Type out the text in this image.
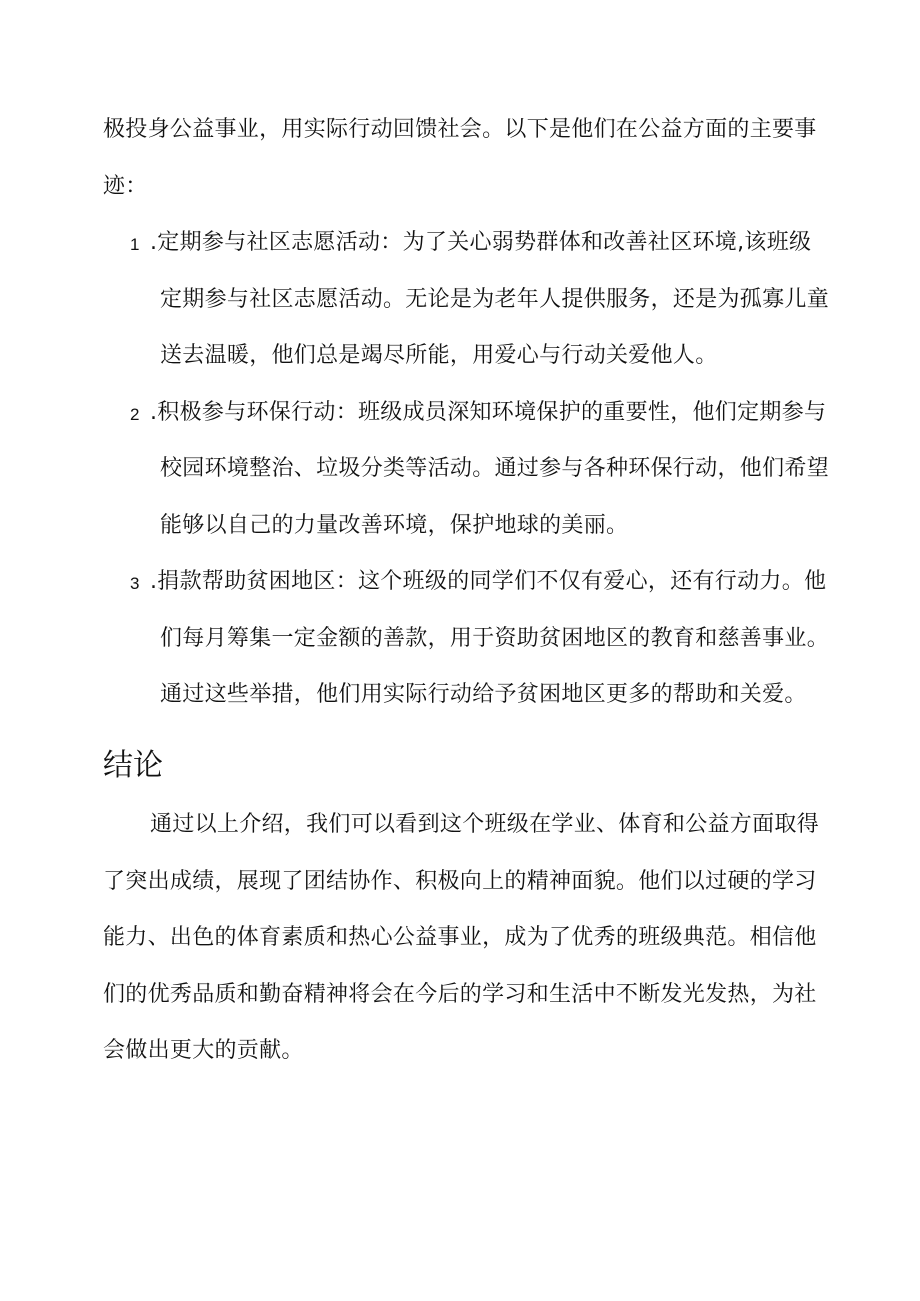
极投身公益事业，用实际行动回馈社会。以下是他们在公益方面的主要事
迹：
1 .定期参与社区志愿活动：为了关心弱势群体和改善社区环境,该班级
定期参与社区志愿活动。无论是为老年人提供服务，还是为孤寡儿童
送去温暖，他们总是竭尽所能，用爱心与行动关爱他人。
2 .积极参与环保行动：班级成员深知环境保护的重要性，他们定期参与
校园环境整治、垃圾分类等活动。通过参与各种环保行动，他们希望
能够以自己的力量改善环境，保护地球的美丽。
3 .捐款帮助贫困地区：这个班级的同学们不仅有爱心，还有行动力。他
们每月筹集一定金额的善款，用于资助贫困地区的教育和慈善事业。
通过这些举措，他们用实际行动给予贫困地区更多的帮助和关爱。
结论
通过以上介绍，我们可以看到这个班级在学业、体育和公益方面取得
了突出成绩，展现了团结协作、积极向上的精神面貌。他们以过硬的学习
能力、出色的体育素质和热心公益事业，成为了优秀的班级典范。相信他
们的优秀品质和勤奋精神将会在今后的学习和生活中不断发光发热，为社
会做出更大的贡献。
